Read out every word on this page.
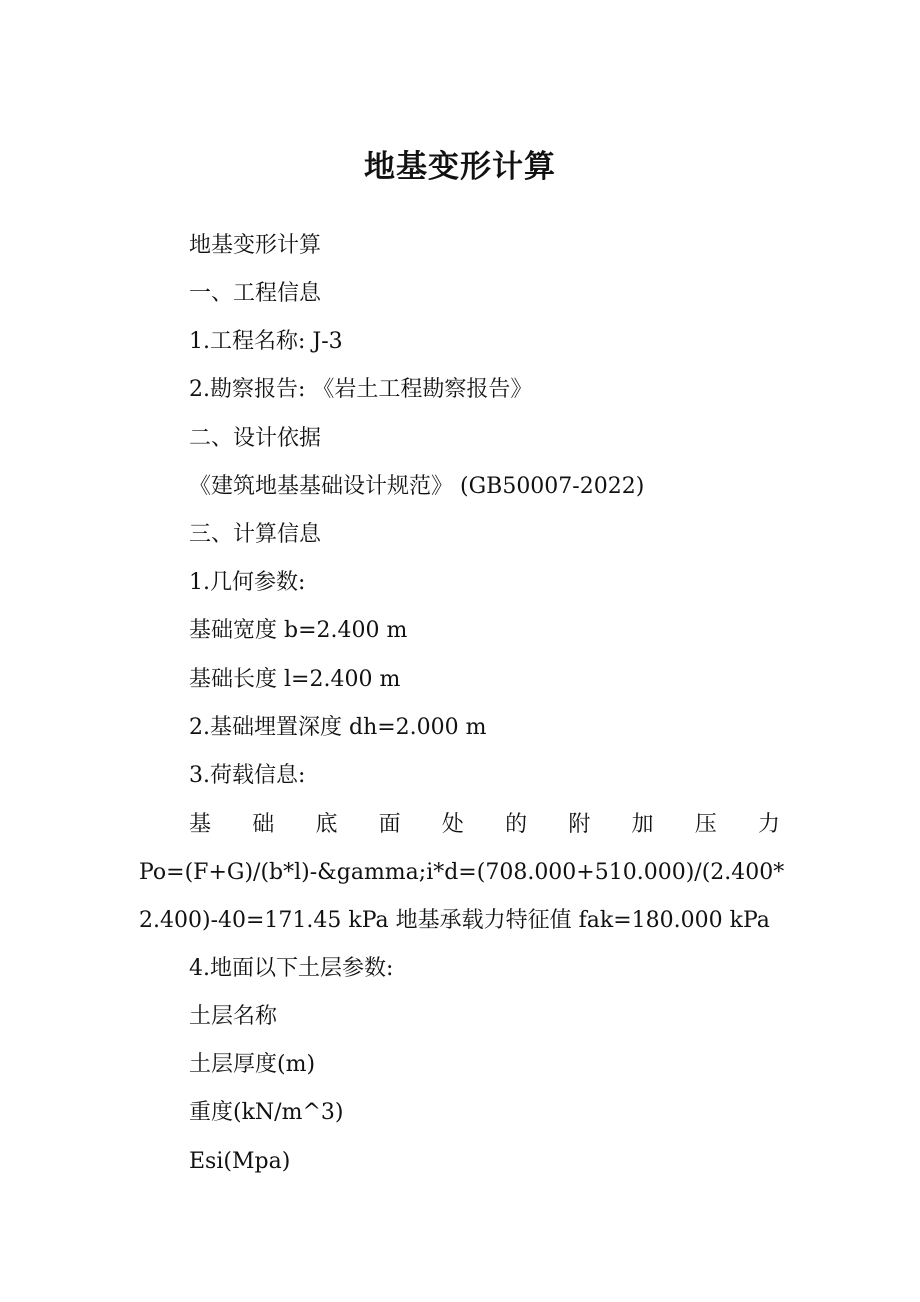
地基变形计算
地基变形计算
一、工程信息
1.工程名称: J-3
2.勘察报告: 《岩土工程勘察报告》
二、设计依据
《建筑地基基础设计规范》 (GB50007-2022)
三、计算信息
1.几何参数:
基础宽度 b=2.400 m
基础长度 l=2.400 m
2.基础埋置深度 dh=2.000 m
3.荷载信息:
基础底面处的附加压力
Po=(F+G)/(b*l)-&gamma;i*d=(708.000+510.000)/(2.400*
2.400)-40=171.45 kPa 地基承载力特征值 fak=180.000 kPa
4.地面以下土层参数:
土层名称
土层厚度(m)
重度(kN/m^3)
Esi(Mpa)
